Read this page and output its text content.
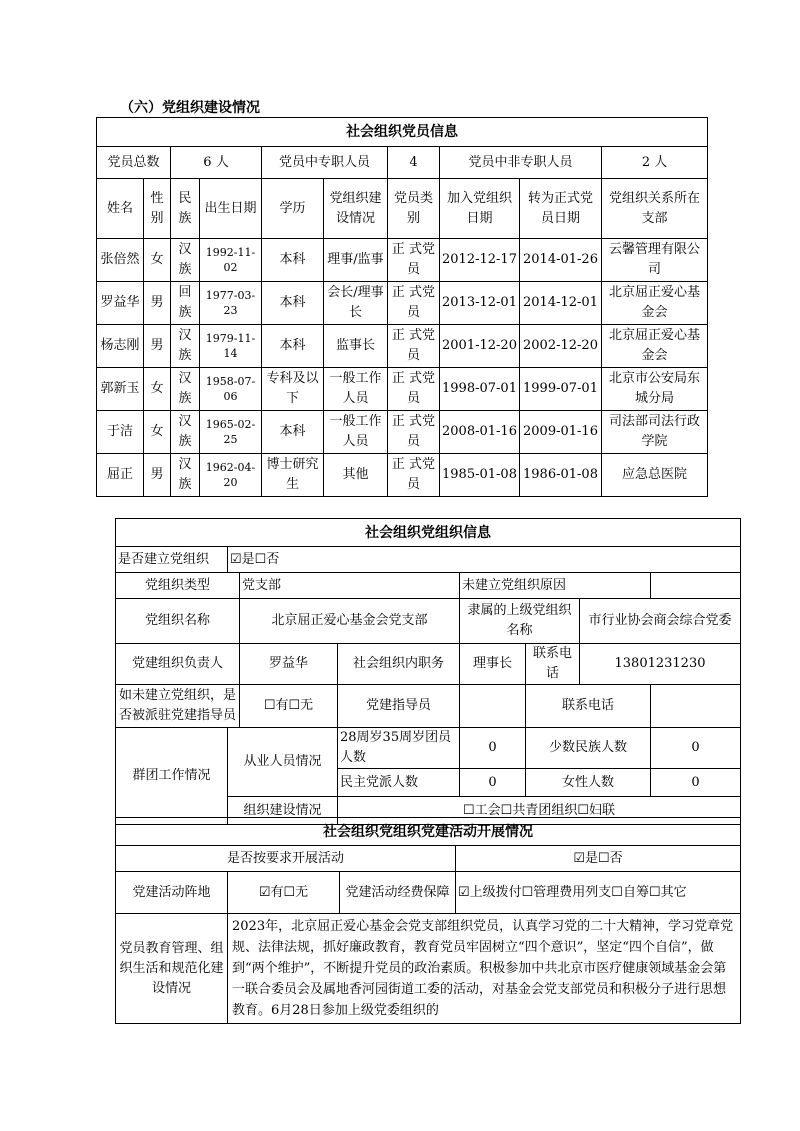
（六）党组织建设情况
社会组织党员信息									
党员总数		6 人		党员中专职人员		4	党员中非专职人员		2 人
姓名	性别	民族	出生日期	学历	党组织建设情况	党员类别	加入党组织日期	转为正式党员日期	党组织关系所在支部
张倍然	女	汉族	1992-11-02	本科	理事/监事	正 式党员	2012-12-17	2014-01-26	云馨管理有限公司
罗益华	男	回族	1977-03-23	本科	会长/理事长	正 式党员	2013-12-01	2014-12-01	北京屈正爱心基金会
杨志刚	男	汉族	1979-11-14	本科	监事长	正 式党员	2001-12-20	2002-12-20	北京屈正爱心基金会
郭新玉	女	汉族	1958-07-06	专科及以下	一般工作人员	正 式党员	1998-07-01	1999-07-01	北京市公安局东城分局
于洁	女	汉族	1965-02-25	本科	一般工作人员	正 式党员	2008-01-16	2009-01-16	司法部司法行政学院
屈正	男	汉族	1962-04-20	博士研究生	其他	正 式党员	1985-01-08	1986-01-08	应急总医院
社会组织党组织信息							
是否建立党组织	☑是☐否						
党组织类型		党支部		未建立党组织原因			
党组织名称		北京屈正爱心基金会党支部		隶属的上级党组织名称		市行业协会商会综合党委	
党建组织负责人		罗益华	社会组织内职务	理事长	联系电话	13801231230	
如未建立党组织，是否被派驻党建指导员		☐有☐无	党建指导员		联系电话		
群团工作情况	从业人员情况		28周岁35周岁团员人数	0	少数民族人数		0
			民主党派人数	0	女性人数		0
	组织建设情况		☐工会☐共青团组织☐妇联				
社会组织党组织党建活动开展情况			
是否按要求开展活动			☑是☐否
党建活动阵地	☑有☐无	党建活动经费保障	☑上级拨付☐管理费用列支☐自筹☐其它
党员教育管理、组织生活和规范化建设情况	2023年，北京屈正爱心基金会党支部组织党员，认真学习党的二十大精神，学习党章党规、法律法规，抓好廉政教育，教育党员牢固树立“四个意识”，坚定“四个自信”，做到“两个维护”，不断提升党员的政治素质。积极参加中共北京市医疗健康领域基金会第一联合委员会及属地香河园街道工委的活动，对基金会党支部党员和积极分子进行思想教育。6月28日参加上级党委组织的		
